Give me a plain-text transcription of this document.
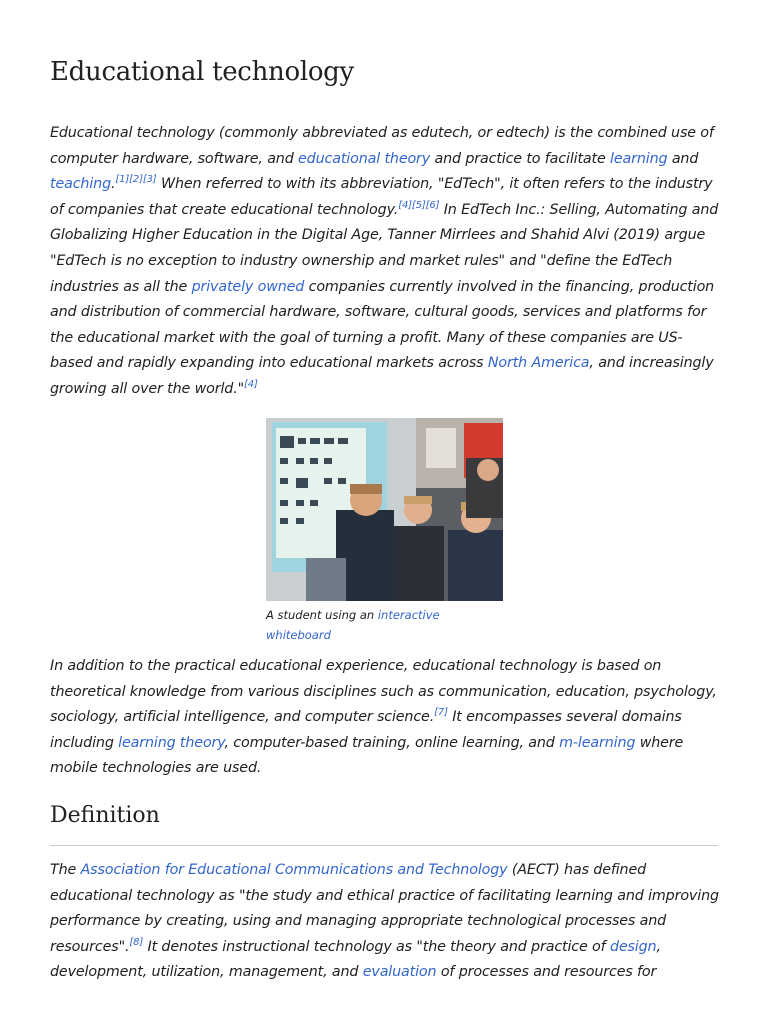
Educational technology

Educational technology (commonly abbreviated as edutech, or edtech) is the combined use of computer hardware, software, and educational theory and practice to facilitate learning and teaching.[1][2][3] When referred to with its abbreviation, "EdTech", it often refers to the industry of companies that create educational technology.[4][5][6] In EdTech Inc.: Selling, Automating and Globalizing Higher Education in the Digital Age, Tanner Mirrlees and Shahid Alvi (2019) argue "EdTech is no exception to industry ownership and market rules" and "define the EdTech industries as all the privately owned companies currently involved in the financing, production and distribution of commercial hardware, software, cultural goods, services and platforms for the educational market with the goal of turning a profit. Many of these companies are US-based and rapidly expanding into educational markets across North America, and increasingly growing all over the world."[4]

A student using an interactive whiteboard

In addition to the practical educational experience, educational technology is based on theoretical knowledge from various disciplines such as communication, education, psychology, sociology, artificial intelligence, and computer science.[7] It encompasses several domains including learning theory, computer-based training, online learning, and m-learning where mobile technologies are used.

Definition

The Association for Educational Communications and Technology (AECT) has defined educational technology as "the study and ethical practice of facilitating learning and improving performance by creating, using and managing appropriate technological processes and resources".[8] It denotes instructional technology as "the theory and practice of design, development, utilization, management, and evaluation of processes and resources for
